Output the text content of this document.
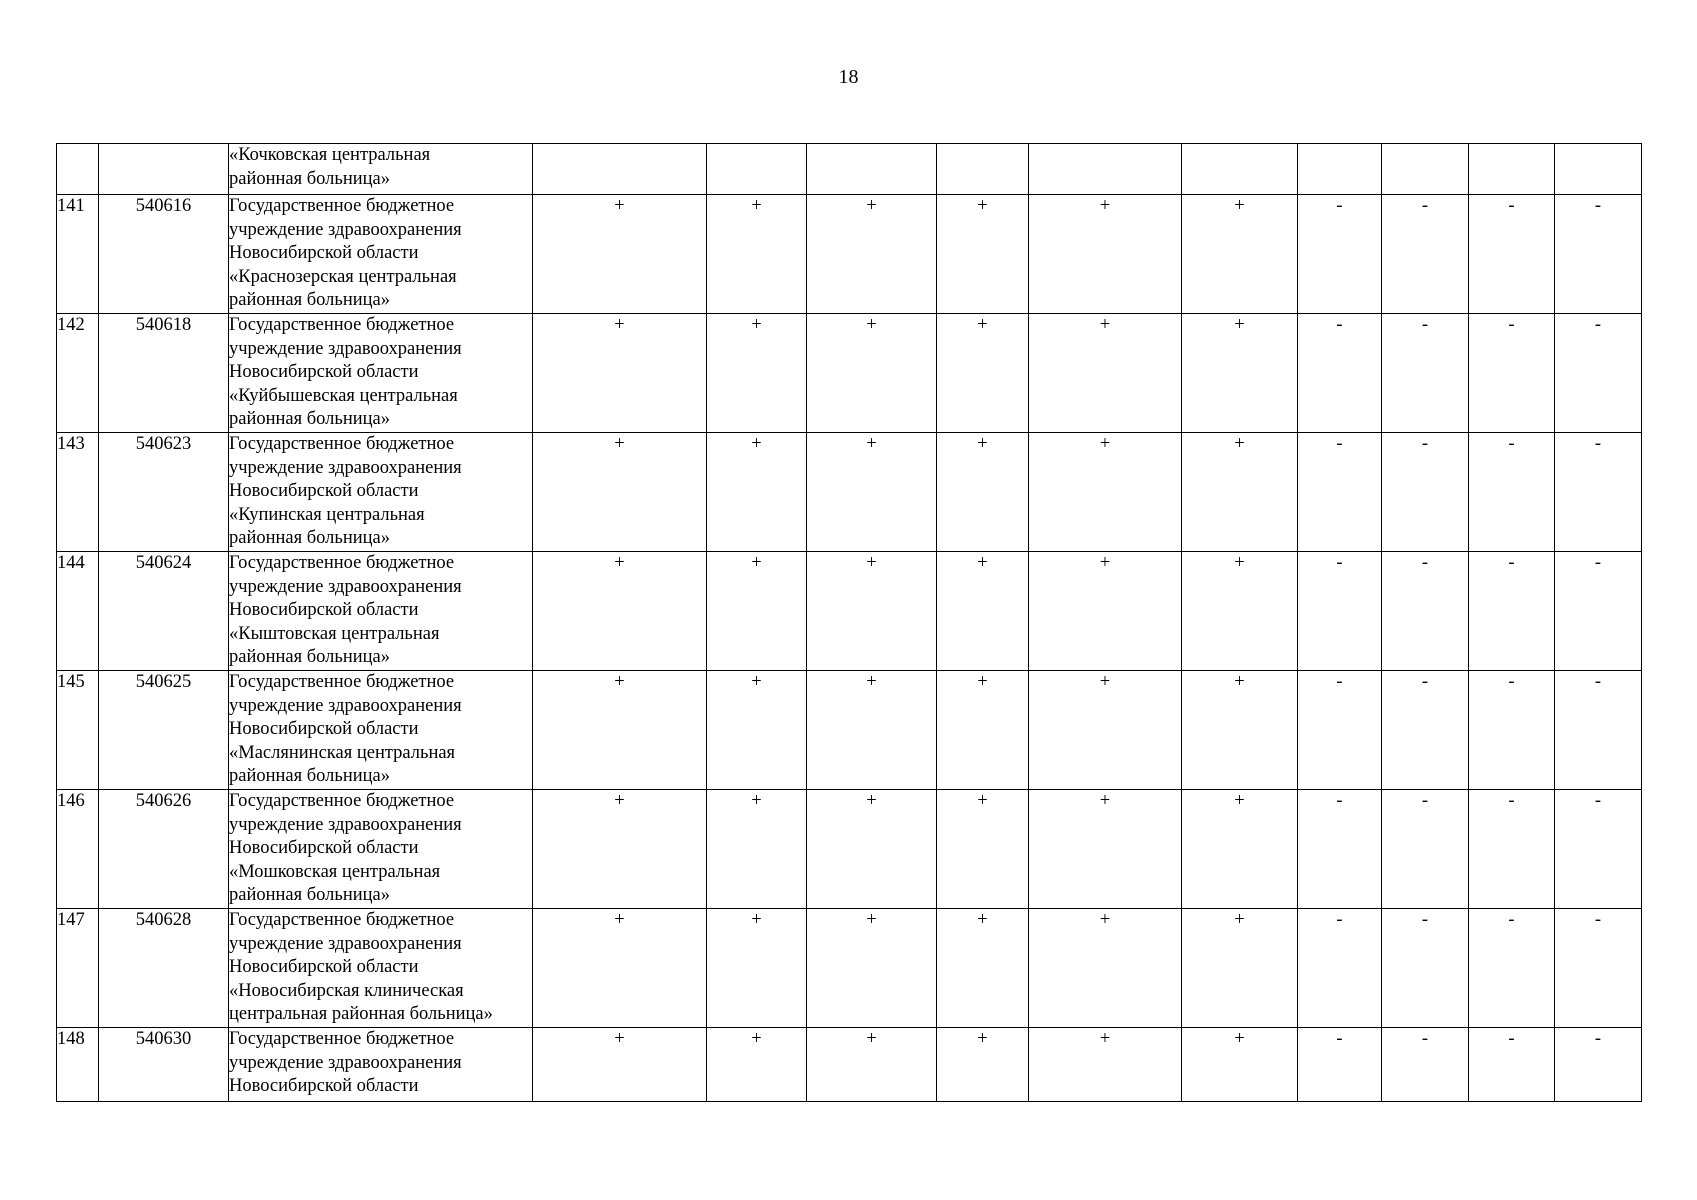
18
		«Кочковская центральная
районная больница»										
141	540616	Государственное бюджетное
учреждение здравоохранения
Новосибирской области
«Краснозерская центральная
районная больница»	+	+	+	+	+	+	-	-	-	-
142	540618	Государственное бюджетное
учреждение здравоохранения
Новосибирской области
«Куйбышевская центральная
районная больница»	+	+	+	+	+	+	-	-	-	-
143	540623	Государственное бюджетное
учреждение здравоохранения
Новосибирской области
«Купинская центральная
районная больница»	+	+	+	+	+	+	-	-	-	-
144	540624	Государственное бюджетное
учреждение здравоохранения
Новосибирской области
«Кыштовская центральная
районная больница»	+	+	+	+	+	+	-	-	-	-
145	540625	Государственное бюджетное
учреждение здравоохранения
Новосибирской области
«Маслянинская центральная
районная больница»	+	+	+	+	+	+	-	-	-	-
146	540626	Государственное бюджетное
учреждение здравоохранения
Новосибирской области
«Мошковская центральная
районная больница»	+	+	+	+	+	+	-	-	-	-
147	540628	Государственное бюджетное
учреждение здравоохранения
Новосибирской области
«Новосибирская клиническая
центральная районная больница»	+	+	+	+	+	+	-	-	-	-
148	540630	Государственное бюджетное
учреждение здравоохранения
Новосибирской области	+	+	+	+	+	+	-	-	-	-
